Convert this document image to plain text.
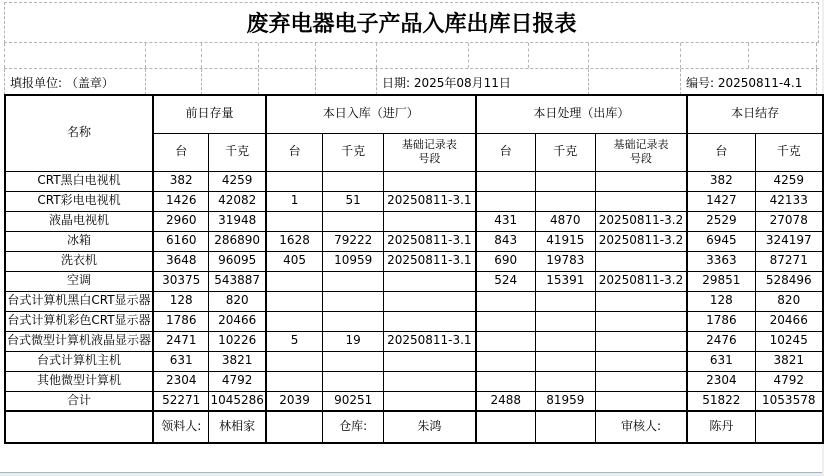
废弃电器电子产品入库出库日报表
填报单位: （盖章）	日期: 2025年08月11日	编号: 20250811-4.1
名称	前日存量		本日入库（进厂）			本日处理（出库）			本日结存	
	台	千克	台	千克	基础记录表号段	台	千克	基础记录表号段	台	千克
CRT黑白电视机	382	4259							382	4259
CRT彩电电视机	1426	42082	1	51	20250811-3.1				1427	42133
液晶电视机	2960	31948				431	4870	20250811-3.2	2529	27078
冰箱	6160	286890	1628	79222	20250811-3.1	843	41915	20250811-3.2	6945	324197
洗衣机	3648	96095	405	10959	20250811-3.1	690	19783		3363	87271
空调	30375	543887				524	15391	20250811-3.2	29851	528496
台式计算机黑白CRT显示器	128	820							128	820
台式计算机彩色CRT显示器	1786	20466							1786	20466
台式微型计算机液晶显示器	2471	10226	5	19	20250811-3.1				2476	10245
台式计算机主机	631	3821							631	3821
其他微型计算机	2304	4792							2304	4792
合计	52271	1045286	2039	90251		2488	81959		51822	1053578
	领料人:	林相家		仓库:	朱鸿			审核人:	陈丹	
